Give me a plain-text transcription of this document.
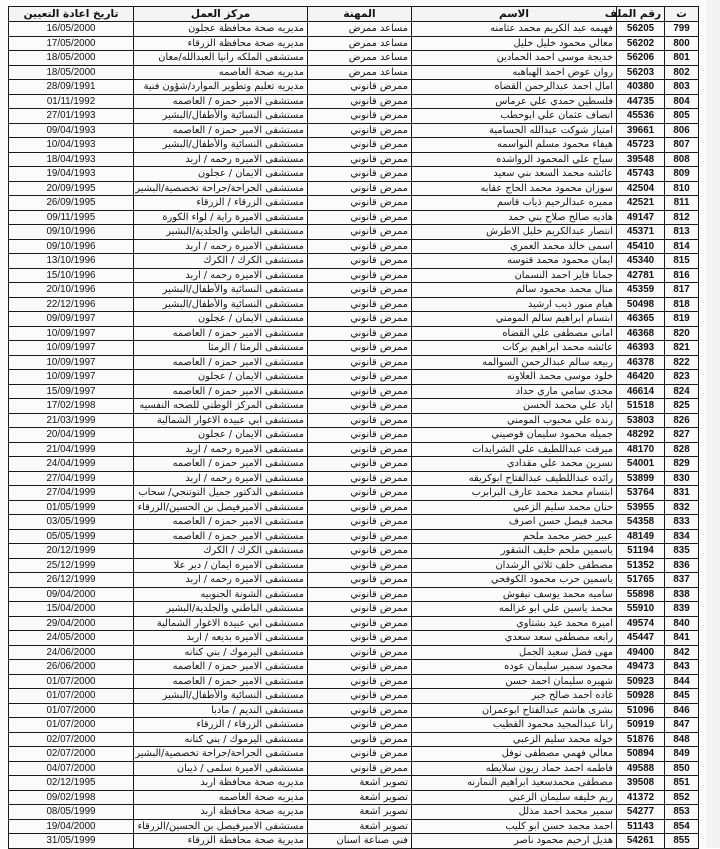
ت	رقم الملف	الاسم	المهنة	مركز العمل	تاريخ اعادة التعيين
799	56205	فهيمه عبد الكريم محمد عثامنه	مساعد ممرض	مديريه صحة محافظة عجلون	16/05/2000
800	56202	معالي محمود خليل خليل	مساعد ممرض	مديريه صحة محافظة الزرقاء	17/05/2000
801	56206	خديجة موسى احمد الحمادين	مساعد ممرض	مستشفى الملكه رانيا العبدالله/معان	18/05/2000
802	56203	روان عوض احمد الهباهبه	مساعد ممرض	مديريه صحة العاصمه	18/05/2000
803	40380	امال احمد عبدالرحمن القضاه	ممرض قانوني	مديريه تعليم وتطوير الموارد/شؤون فنية	28/09/1991
804	44735	فلسطين حمدي علي عرماس	ممرض قانوني	مستشفى الامير حمزه / العاصمه	01/11/1992
805	45536	انصاف عثمان علي ابوحطب	ممرض قانوني	مستشفى النسائية والأطفال/البشير	27/01/1993
806	39661	امتياز شوكت عبدالله الحسامية	ممرض قانوني	مستشفى الامير حمزه / العاصمه	09/04/1993
807	45723	هيفاء محمود مسلم النواسمه	ممرض قانوني	مستشفى النسائية والأطفال/البشير	10/04/1993
808	39548	سياح علي المحمود الرواشده	ممرض قانوني	مستشفى الاميره رحمه / اربد	18/04/1993
809	45743	عائشه محمد السعد بني سعيد	ممرض قانوني	مستشفى الايمان / عجلون	19/04/1993
810	42504	سوزان محمود محمد الحاج عقابه	ممرض قانوني	مستشفى الجراحة/جراحة تخصصية/البشير	20/09/1995
811	42521	مميره عبدالرحيم ذياب قاسم	ممرض قانوني	مستشفى الزرقاء / الزرقاء	26/09/1995
812	49147	هاديه صالح صلاح بني حمد	ممرض قانوني	مستشفى الاميرة راية / لواء الكورة	09/11/1995
813	45371	انتصار عبدالكريم خليل الاطرش	ممرض قانوني	مستشفى الباطني والجلدية/البشير	09/10/1996
814	45410	اسمى خالد محمد العمري	ممرض قانوني	مستشفى الاميره رحمه / اربد	09/10/1996
815	45340	ايمان محمود محمد قتوسه	ممرض قانوني	مستشفى الكرك / الكرك	13/10/1996
816	42781	جمانا فايز احمد النسمان	ممرض قانوني	مستشفى الاميره رحمه / اربد	15/10/1996
817	45359	منال محمد محمود سالم	ممرض قانوني	مستشفى النسائية والأطفال/البشير	20/10/1996
818	50498	هيام منور ذيب ارشيد	ممرض قانوني	مستشفى النسائية والأطفال/البشير	22/12/1996
819	46365	ابتسام ابراهيم سالم المومني	ممرض قانوني	مستشفى الايمان / عجلون	09/09/1997
820	46368	اماني مصطفى علي القضاه	ممرض قانوني	مستشفى الامير حمزه / العاصمه	10/09/1997
821	46393	عائشه محمد ابراهيم بركات	ممرض قانوني	مستشفى الرمثا / الرمثا	10/09/1997
822	46378	ربيعه سالم عبدالرحمن السوالمه	ممرض قانوني	مستشفى الامير حمزه / العاصمه	10/09/1997
823	46420	خلود موسى محمد العلاونه	ممرض قانوني	مستشفى الايمان / عجلون	10/09/1997
824	46614	مجدي سامي ماري حداد	ممرض قانوني	مستشفى الامير حمزه / العاصمه	15/09/1997
825	51518	اياد علي محمد الحسن	ممرض قانوني	مستشفى المركز الوطني للصحه النفسيه	17/02/1998
826	53803	رنده علي محبوب المومني	ممرض قانوني	مستشفى ابي عبيدة الاغوار الشمالية	21/03/1999
827	48292	جميله محمود سليمان قوصيني	ممرض قانوني	مستشفى الايمان / عجلون	20/04/1999
828	48170	ميرفت عبداللطيف علي الشرايدات	ممرض قانوني	مستشفى الاميره رحمه / اربد	21/04/1999
829	54001	نسرين محمد علي مقدادي	ممرض قانوني	مستشفى الامير حمزه / العاصمه	24/04/1999
830	53899	رائده عبداللطيف عبدالفتاح ابوكريقه	ممرض قانوني	مستشفى الاميره رحمه / اربد	27/04/1999
831	53764	ابتسام محمد محمد عارف البرابرب	ممرض قانوني	مستشفى الدكتور جميل التوتنجي/ سحاب	27/04/1999
832	53955	حنان محمد سليم الزعبي	ممرض قانوني	مستشفى الاميرفيصل بن الحسين/الزرقاء	01/05/1999
833	54358	محمد فيصل حسن اصرف	ممرض قانوني	مستشفى الامير حمزه / العاصمه	03/05/1999
834	48149	عبير خضر محمد ملحم	ممرض قانوني	مستشفى الامير حمزه / العاصمه	05/05/1999
835	51194	ياسمين ملحم خليف الشقور	ممرض قانوني	مستشفى الكرك / الكرك	20/12/1999
836	51352	مصطفى خلف ثلاثي الرشدان	ممرض قانوني	مستشفى الاميره ايمان / دير علا	25/12/1999
837	51765	ياسمين حرب محمود الكوفحي	ممرض قانوني	مستشفى الاميره رحمه / اربد	26/12/1999
838	55898	ساميه محمد يوسف نيفوش	ممرض قانوني	مستشفى الشونة الجنوبيه	09/04/2000
839	55910	محمد ياسين علي ابو غزالمه	ممرض قانوني	مستشفى الباطني والجلدية/البشير	15/04/2000
840	49574	اميرة محمد عيد بشتاوي	ممرض قانوني	مستشفى ابي عبيدة الاغوار الشمالية	29/04/2000
841	45447	رابعه مصطفى سعد سعدي	ممرض قانوني	مستشفى الاميره بديعه / اربد	24/05/2000
842	49400	مهى فضل سعيد الجمل	ممرض قانوني	مستشفى اليرموك / بني كنانه	24/06/2000
843	49473	محمود سمير سليمان عوده	ممرض قانوني	مستشفى الامير حمزه / العاصمه	26/06/2000
844	50923	شهيره سليمان احمد حسن	ممرض قانوني	مستشفى الامير حمزه / العاصمه	01/07/2000
845	50928	غاده احمد صالح جبر	ممرض قانوني	مستشفى النسائية والأطفال/البشير	01/07/2000
846	51096	بشرى هاشم عبدالفتاح ابوعمران	ممرض قانوني	مستشفى النديم / مادبا	01/07/2000
847	50919	رانا عبدالمجيد محمود القطيب	ممرض قانوني	مستشفى الزرقاء / الزرقاء	01/07/2000
848	51876	خوله محمد سليم الزعبي	ممرض قانوني	مستشفى اليرموك / بني كنانه	02/07/2000
849	50894	معالي فهمي مصطفى نوفل	ممرض قانوني	مستشفى الجراحة/جراحة تخصصية/البشير	02/07/2000
850	49588	فاطمه احمد حماد زيون سلايطه	ممرض قانوني	مستشفى الاميرة سلمى / ذيبان	04/07/2000
851	39508	مصطفى محمدسعيد ابراهيم النمارنه	تصوير اشعة	مديريه صحة محافظة اربد	02/12/1995
852	41372	ريم خليفه سليمان الزعبي	تصوير اشعة	مديريه صحة العاصمه	09/02/1998
853	54277	سمير محمد احمد مذلل	تصوير اشعة	مديريه صحة محافظة اربد	08/05/1999
854	51143	احمد محمد حسن ابو كليب	تصوير اشعة	مستشفى الاميرفيصل بن الحسين/الزرقاء	19/04/2000
855	54261	هديل ارحيم محمود ناصر	فني صناعة اسنان	مديرية صحة محافظة الزرقاء	31/05/1999
